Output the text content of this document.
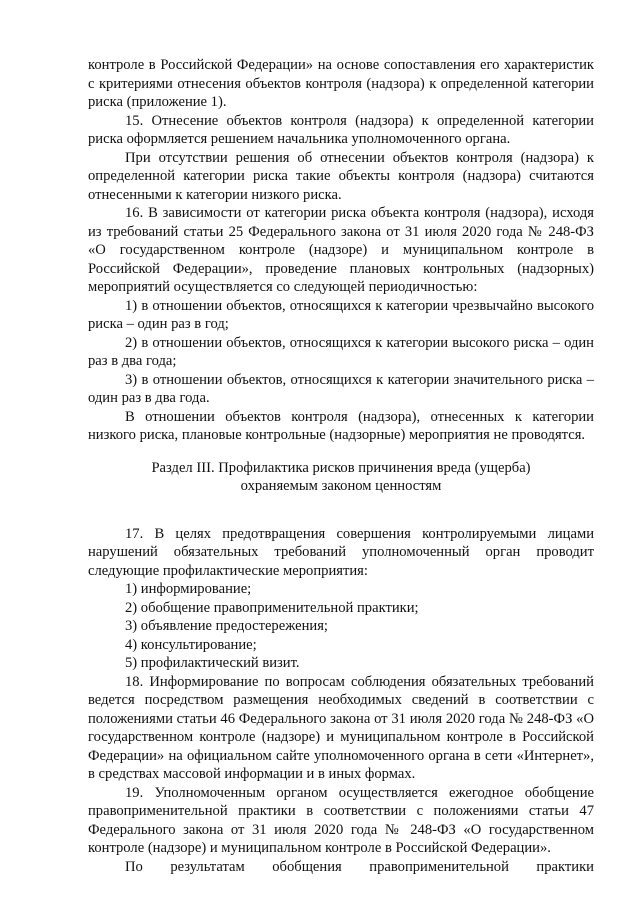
контроле в Российской Федерации» на основе сопоставления его характеристик с критериями отнесения объектов контроля (надзора) к определенной категории риска (приложение 1).

15. Отнесение объектов контроля (надзора) к определенной категории риска оформляется решением начальника уполномоченного органа.

При отсутствии решения об отнесении объектов контроля (надзора) к определенной категории риска такие объекты контроля (надзора) считаются отнесенными к категории низкого риска.

16. В зависимости от категории риска объекта контроля (надзора), исходя из требований статьи 25 Федерального закона от 31 июля 2020 года № 248-ФЗ «О государственном контроле (надзоре) и муниципальном контроле в Российской Федерации», проведение плановых контрольных (надзорных) мероприятий осуществляется со следующей периодичностью:

1) в отношении объектов, относящихся к категории чрезвычайно высокого риска – один раз в год;

2) в отношении объектов, относящихся к категории высокого риска – один раз в два года;

3) в отношении объектов, относящихся к категории значительного риска – один раз в два года.

В отношении объектов контроля (надзора), отнесенных к категории низкого риска, плановые контрольные (надзорные) мероприятия не проводятся.

Раздел III. Профилактика рисков причинения вреда (ущерба)
охраняемым законом ценностям

17. В целях предотвращения совершения контролируемыми лицами нарушений обязательных требований уполномоченный орган проводит следующие профилактические мероприятия:

1) информирование;

2) обобщение правоприменительной практики;

3) объявление предостережения;

4) консультирование;

5) профилактический визит.

18. Информирование по вопросам соблюдения обязательных требований ведется посредством размещения необходимых сведений в соответствии с положениями статьи 46 Федерального закона от 31 июля 2020 года № 248-ФЗ «О государственном контроле (надзоре) и муниципальном контроле в Российской Федерации» на официальном сайте уполномоченного органа в сети «Интернет», в средствах массовой информации и в иных формах.

19. Уполномоченным органом осуществляется ежегодное обобщение правоприменительной практики в соответствии с положениями статьи 47 Федерального закона от 31 июля 2020 года № 248-ФЗ «О государственном контроле (надзоре) и муниципальном контроле в Российской Федерации».

По результатам обобщения правоприменительной практики
